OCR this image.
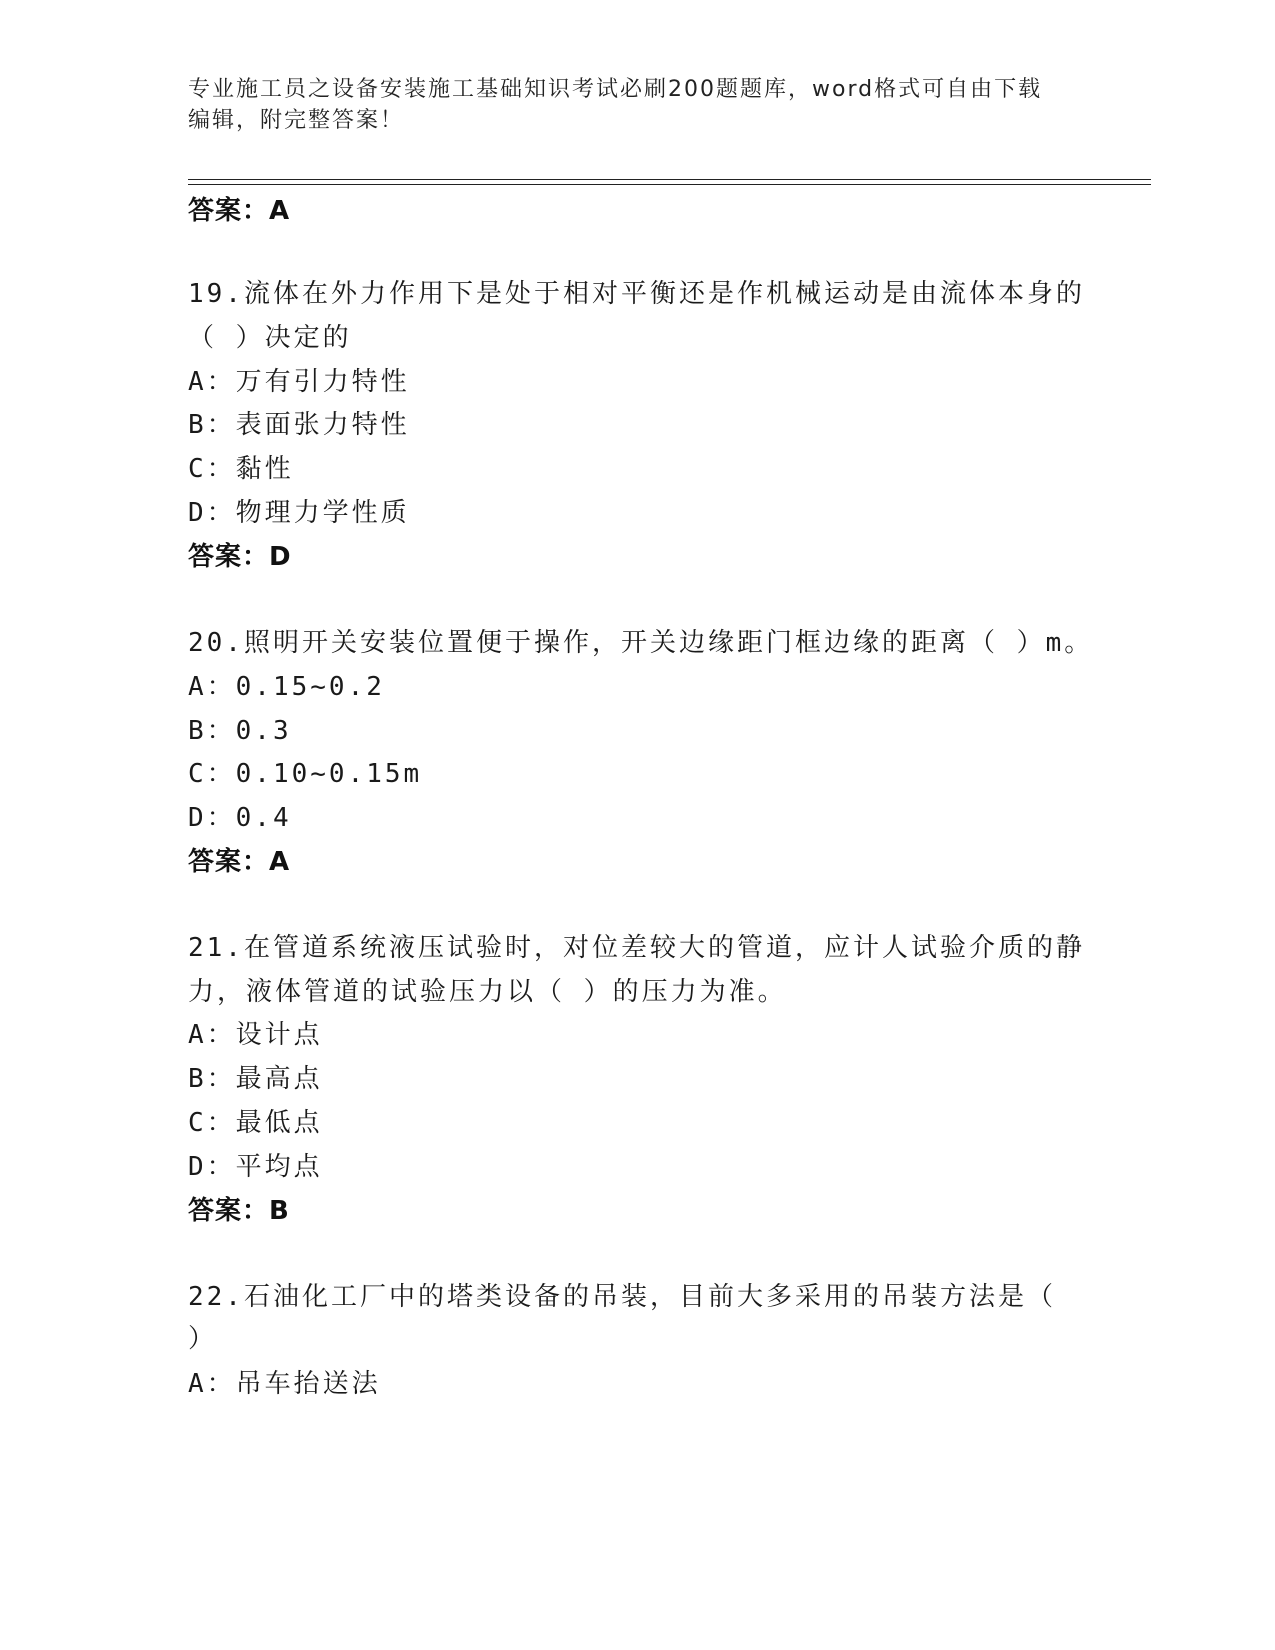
专业施工员之设备安装施工基础知识考试必刷200题题库，word格式可自由下载
编辑，附完整答案！
答案：A
19.流体在外力作用下是处于相对平衡还是作机械运动是由流体本身的
（ ）决定的
A：万有引力特性
B：表面张力特性
C：黏性
D：物理力学性质
答案：D
20.照明开关安装位置便于操作，开关边缘距门框边缘的距离（ ）m。
A：0.15~0.2
B：0.3
C：0.10~0.15m
D：0.4
答案：A
21.在管道系统液压试验时，对位差较大的管道，应计人试验介质的静
力，液体管道的试验压力以（ ）的压力为准。
A：设计点
B：最高点
C：最低点
D：平均点
答案：B
22.石油化工厂中的塔类设备的吊装，目前大多采用的吊装方法是（
）
A：吊车抬送法
